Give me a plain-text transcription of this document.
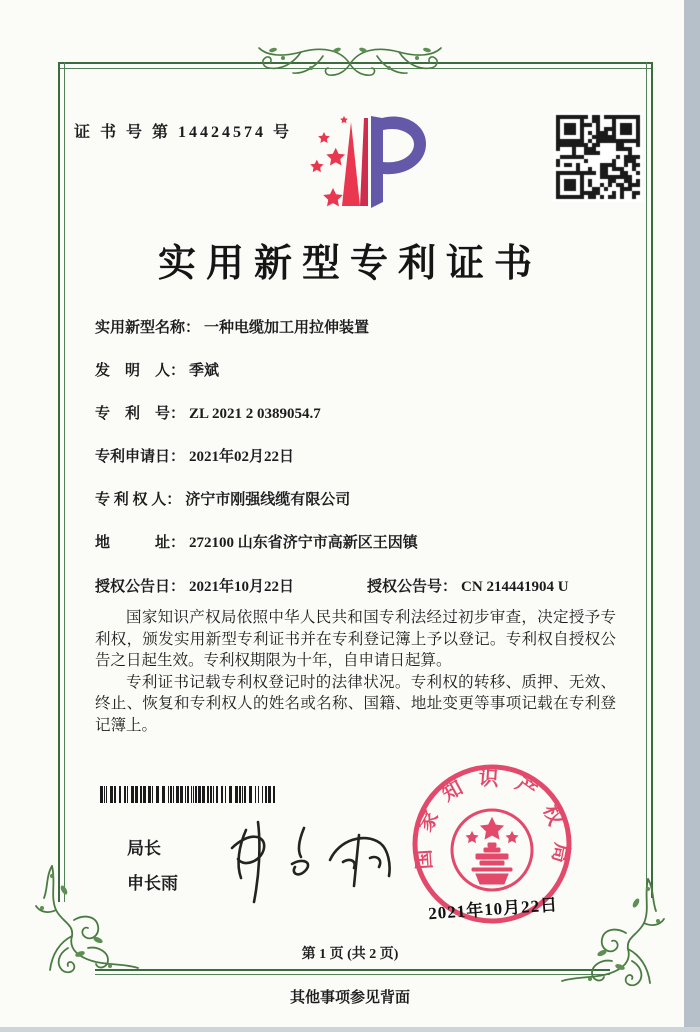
证 书 号 第 14424574 号
实用新型专利证书
实用新型名称 ： 一种电缆加工用拉伸装置
发　明　人 ： 季斌
专　利　号 ： ZL 2021 2 0389054.7
专利申请日 ： 2021年02月22日
专 利 权 人 ： 济宁市刚强线缆有限公司
地　　　址 ： 272100 山东省济宁市高新区王因镇
授权公告日 ： 2021年10月22日	授权公告号 ： CN 214441904 U

国家知识产权局依照中华人民共和国专利法经过初步审查，决定授予专利权，颁发实用新型专利证书并在专利登记簿上予以登记。专利权自授权公告之日起生效。专利权期限为十年，自申请日起算。

专利证书记载专利权登记时的法律状况。专利权的转移、质押、无效、终止、恢复和专利权人的姓名或名称、国籍、地址变更等事项记载在专利登记簿上。

局长
申长雨
国家知识产权局
2021年10月22日
第 1 页 (共 2 页)
其他事项参见背面
